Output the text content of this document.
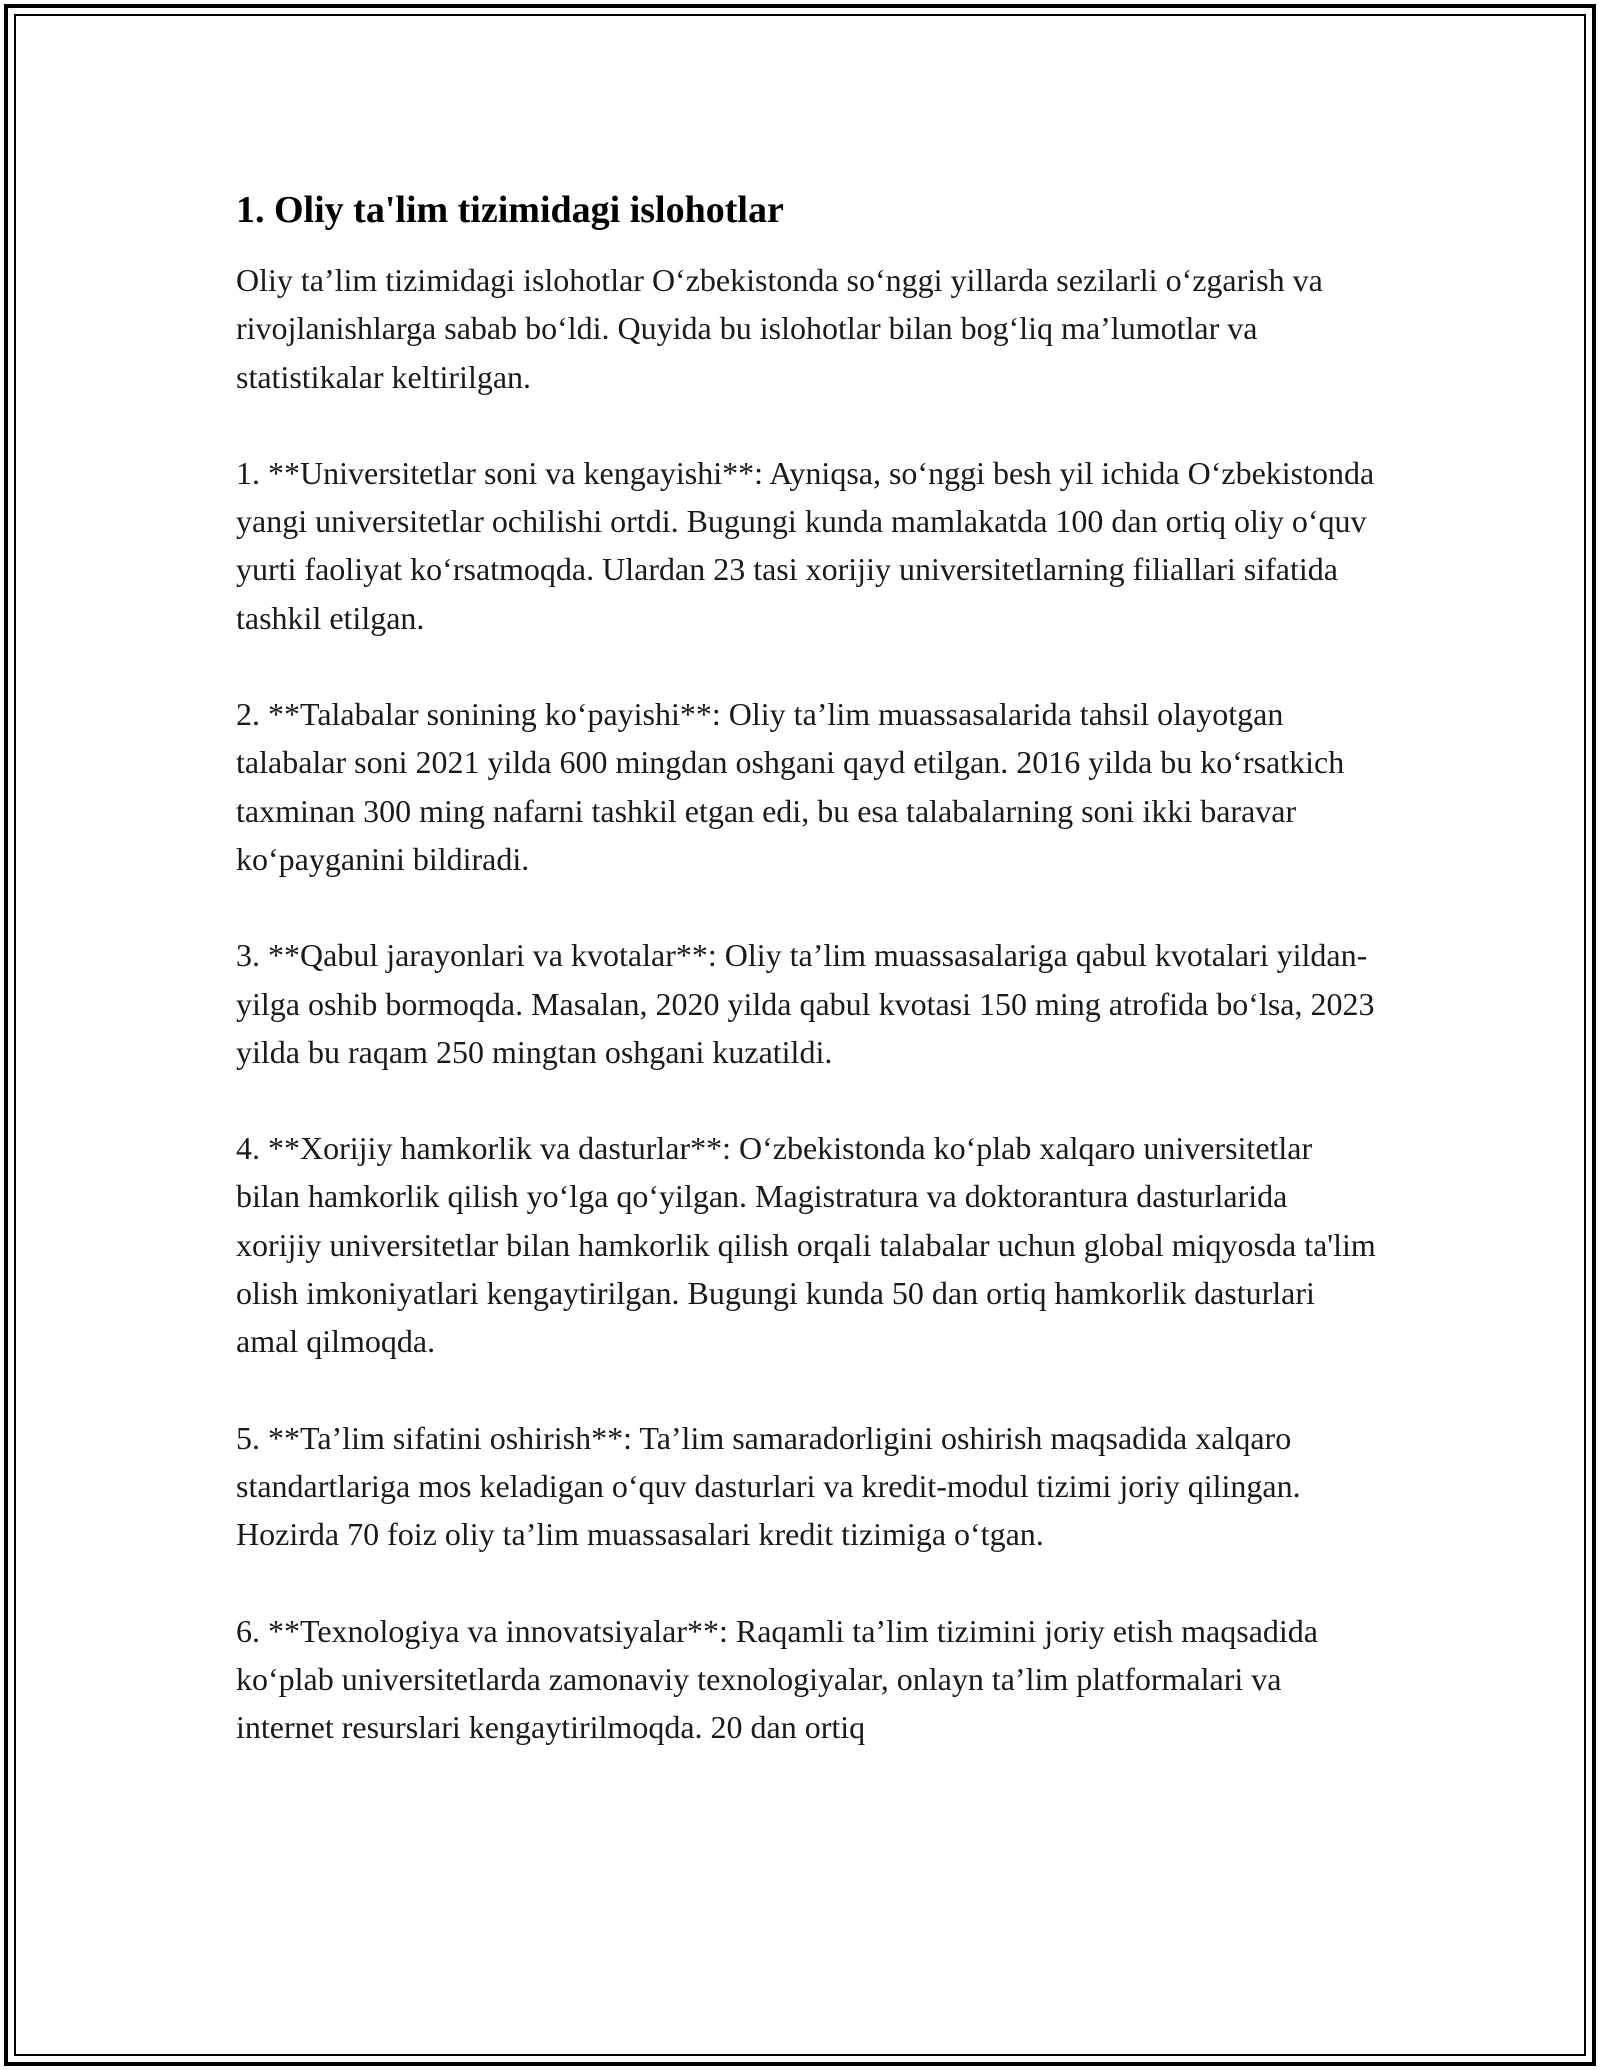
1. Oliy ta'lim tizimidagi islohotlar

Oliy ta’lim tizimidagi islohotlar O‘zbekistonda so‘nggi yillarda sezilarli o‘zgarish va rivojlanishlarga sabab bo‘ldi. Quyida bu islohotlar bilan bog‘liq ma’lumotlar va statistikalar keltirilgan.

1. **Universitetlar soni va kengayishi**: Ayniqsa, so‘nggi besh yil ichida O‘zbekistonda yangi universitetlar ochilishi ortdi. Bugungi kunda mamlakatda 100 dan ortiq oliy o‘quv yurti faoliyat ko‘rsatmoqda. Ulardan 23 tasi xorijiy universitetlarning filiallari sifatida tashkil etilgan.

2. **Talabalar sonining ko‘payishi**: Oliy ta’lim muassasalarida tahsil olayotgan talabalar soni 2021 yilda 600 mingdan oshgani qayd etilgan. 2016 yilda bu ko‘rsatkich taxminan 300 ming nafarni tashkil etgan edi, bu esa talabalarning soni ikki baravar ko‘payganini bildiradi.

3. **Qabul jarayonlari va kvotalar**: Oliy ta’lim muassasalariga qabul kvotalari yildan-yilga oshib bormoqda. Masalan, 2020 yilda qabul kvotasi 150 ming atrofida bo‘lsa, 2023 yilda bu raqam 250 mingtan oshgani kuzatildi.

4. **Xorijiy hamkorlik va dasturlar**: O‘zbekistonda ko‘plab xalqaro universitetlar bilan hamkorlik qilish yo‘lga qo‘yilgan. Magistratura va doktorantura dasturlarida xorijiy universitetlar bilan hamkorlik qilish orqali talabalar uchun global miqyosda ta'lim olish imkoniyatlari kengaytirilgan. Bugungi kunda 50 dan ortiq hamkorlik dasturlari amal qilmoqda.

5. **Ta’lim sifatini oshirish**: Ta’lim samaradorligini oshirish maqsadida xalqaro standartlariga mos keladigan o‘quv dasturlari va kredit-modul tizimi joriy qilingan. Hozirda 70 foiz oliy ta’lim muassasalari kredit tizimiga o‘tgan.

6. **Texnologiya va innovatsiyalar**: Raqamli ta’lim tizimini joriy etish maqsadida ko‘plab universitetlarda zamonaviy texnologiyalar, onlayn ta’lim platformalari va internet resurslari kengaytirilmoqda. 20 dan ortiq
